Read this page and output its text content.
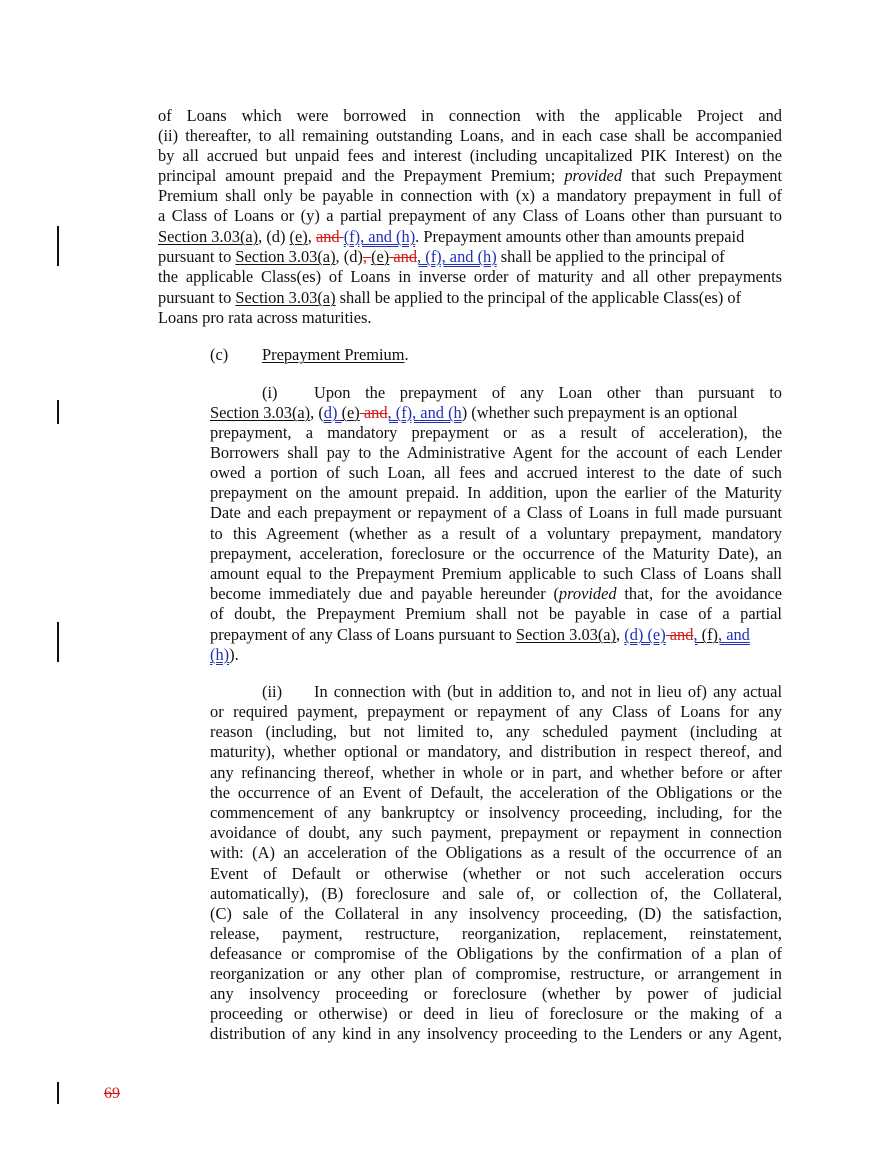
of Loans which were borrowed in connection with the applicable Project and
(ii) thereafter, to all remaining outstanding Loans, and in each case shall be accompanied
by all accrued but unpaid fees and interest (including uncapitalized PIK Interest) on the
principal amount prepaid and the Prepayment Premium; provided that such Prepayment
Premium shall only be payable in connection with (x) a mandatory prepayment in full of
a Class of Loans or (y) a partial prepayment of any Class of Loans other than pursuant to
Section 3.03(a), (d) (e), and (f), and (h). Prepayment amounts other than amounts prepaid
pursuant to Section 3.03(a), (d), (e) and, (f), and (h) shall be applied to the principal of
the applicable Class(es) of Loans in inverse order of maturity and all other prepayments
pursuant to Section 3.03(a) shall be applied to the principal of the applicable Class(es) of
Loans pro rata across maturities.
(c) Prepayment Premium.
(i) Upon the prepayment of any Loan other than pursuant to
Section 3.03(a), (d) (e) and, (f), and (h) (whether such prepayment is an optional
prepayment, a mandatory prepayment or as a result of acceleration), the
Borrowers shall pay to the Administrative Agent for the account of each Lender
owed a portion of such Loan, all fees and accrued interest to the date of such
prepayment on the amount prepaid. In addition, upon the earlier of the Maturity
Date and each prepayment or repayment of a Class of Loans in full made pursuant
to this Agreement (whether as a result of a voluntary prepayment, mandatory
prepayment, acceleration, foreclosure or the occurrence of the Maturity Date), an
amount equal to the Prepayment Premium applicable to such Class of Loans shall
become immediately due and payable hereunder (provided that, for the avoidance
of doubt, the Prepayment Premium shall not be payable in case of a partial
prepayment of any Class of Loans pursuant to Section 3.03(a), (d) (e) and, (f), and
(h)).
(ii) In connection with (but in addition to, and not in lieu of) any actual
or required payment, prepayment or repayment of any Class of Loans for any
reason (including, but not limited to, any scheduled payment (including at
maturity), whether optional or mandatory, and distribution in respect thereof, and
any refinancing thereof, whether in whole or in part, and whether before or after
the occurrence of an Event of Default, the acceleration of the Obligations or the
commencement of any bankruptcy or insolvency proceeding, including, for the
avoidance of doubt, any such payment, prepayment or repayment in connection
with: (A) an acceleration of the Obligations as a result of the occurrence of an
Event of Default or otherwise (whether or not such acceleration occurs
automatically), (B) foreclosure and sale of, or collection of, the Collateral,
(C) sale of the Collateral in any insolvency proceeding, (D) the satisfaction,
release, payment, restructure, reorganization, replacement, reinstatement,
defeasance or compromise of the Obligations by the confirmation of a plan of
reorganization or any other plan of compromise, restructure, or arrangement in
any insolvency proceeding or foreclosure (whether by power of judicial
proceeding or otherwise) or deed in lieu of foreclosure or the making of a
distribution of any kind in any insolvency proceeding to the Lenders or any Agent,
69
